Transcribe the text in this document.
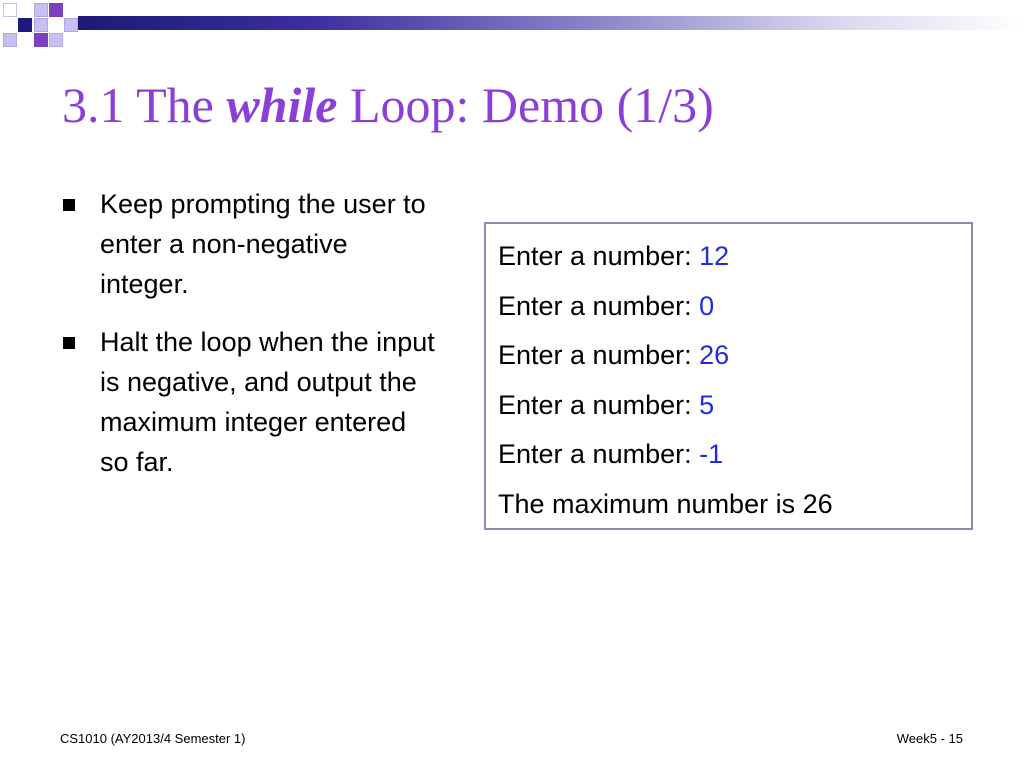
3.1 The while Loop: Demo (1/3)
Keep prompting the user to enter a non-negative integer.
Halt the loop when the input is negative, and output the maximum integer entered so far.
Enter a number: 12
Enter a number: 0
Enter a number: 26
Enter a number: 5
Enter a number: -1
The maximum number is 26
CS1010 (AY2013/4 Semester 1)	Week5 - 15
